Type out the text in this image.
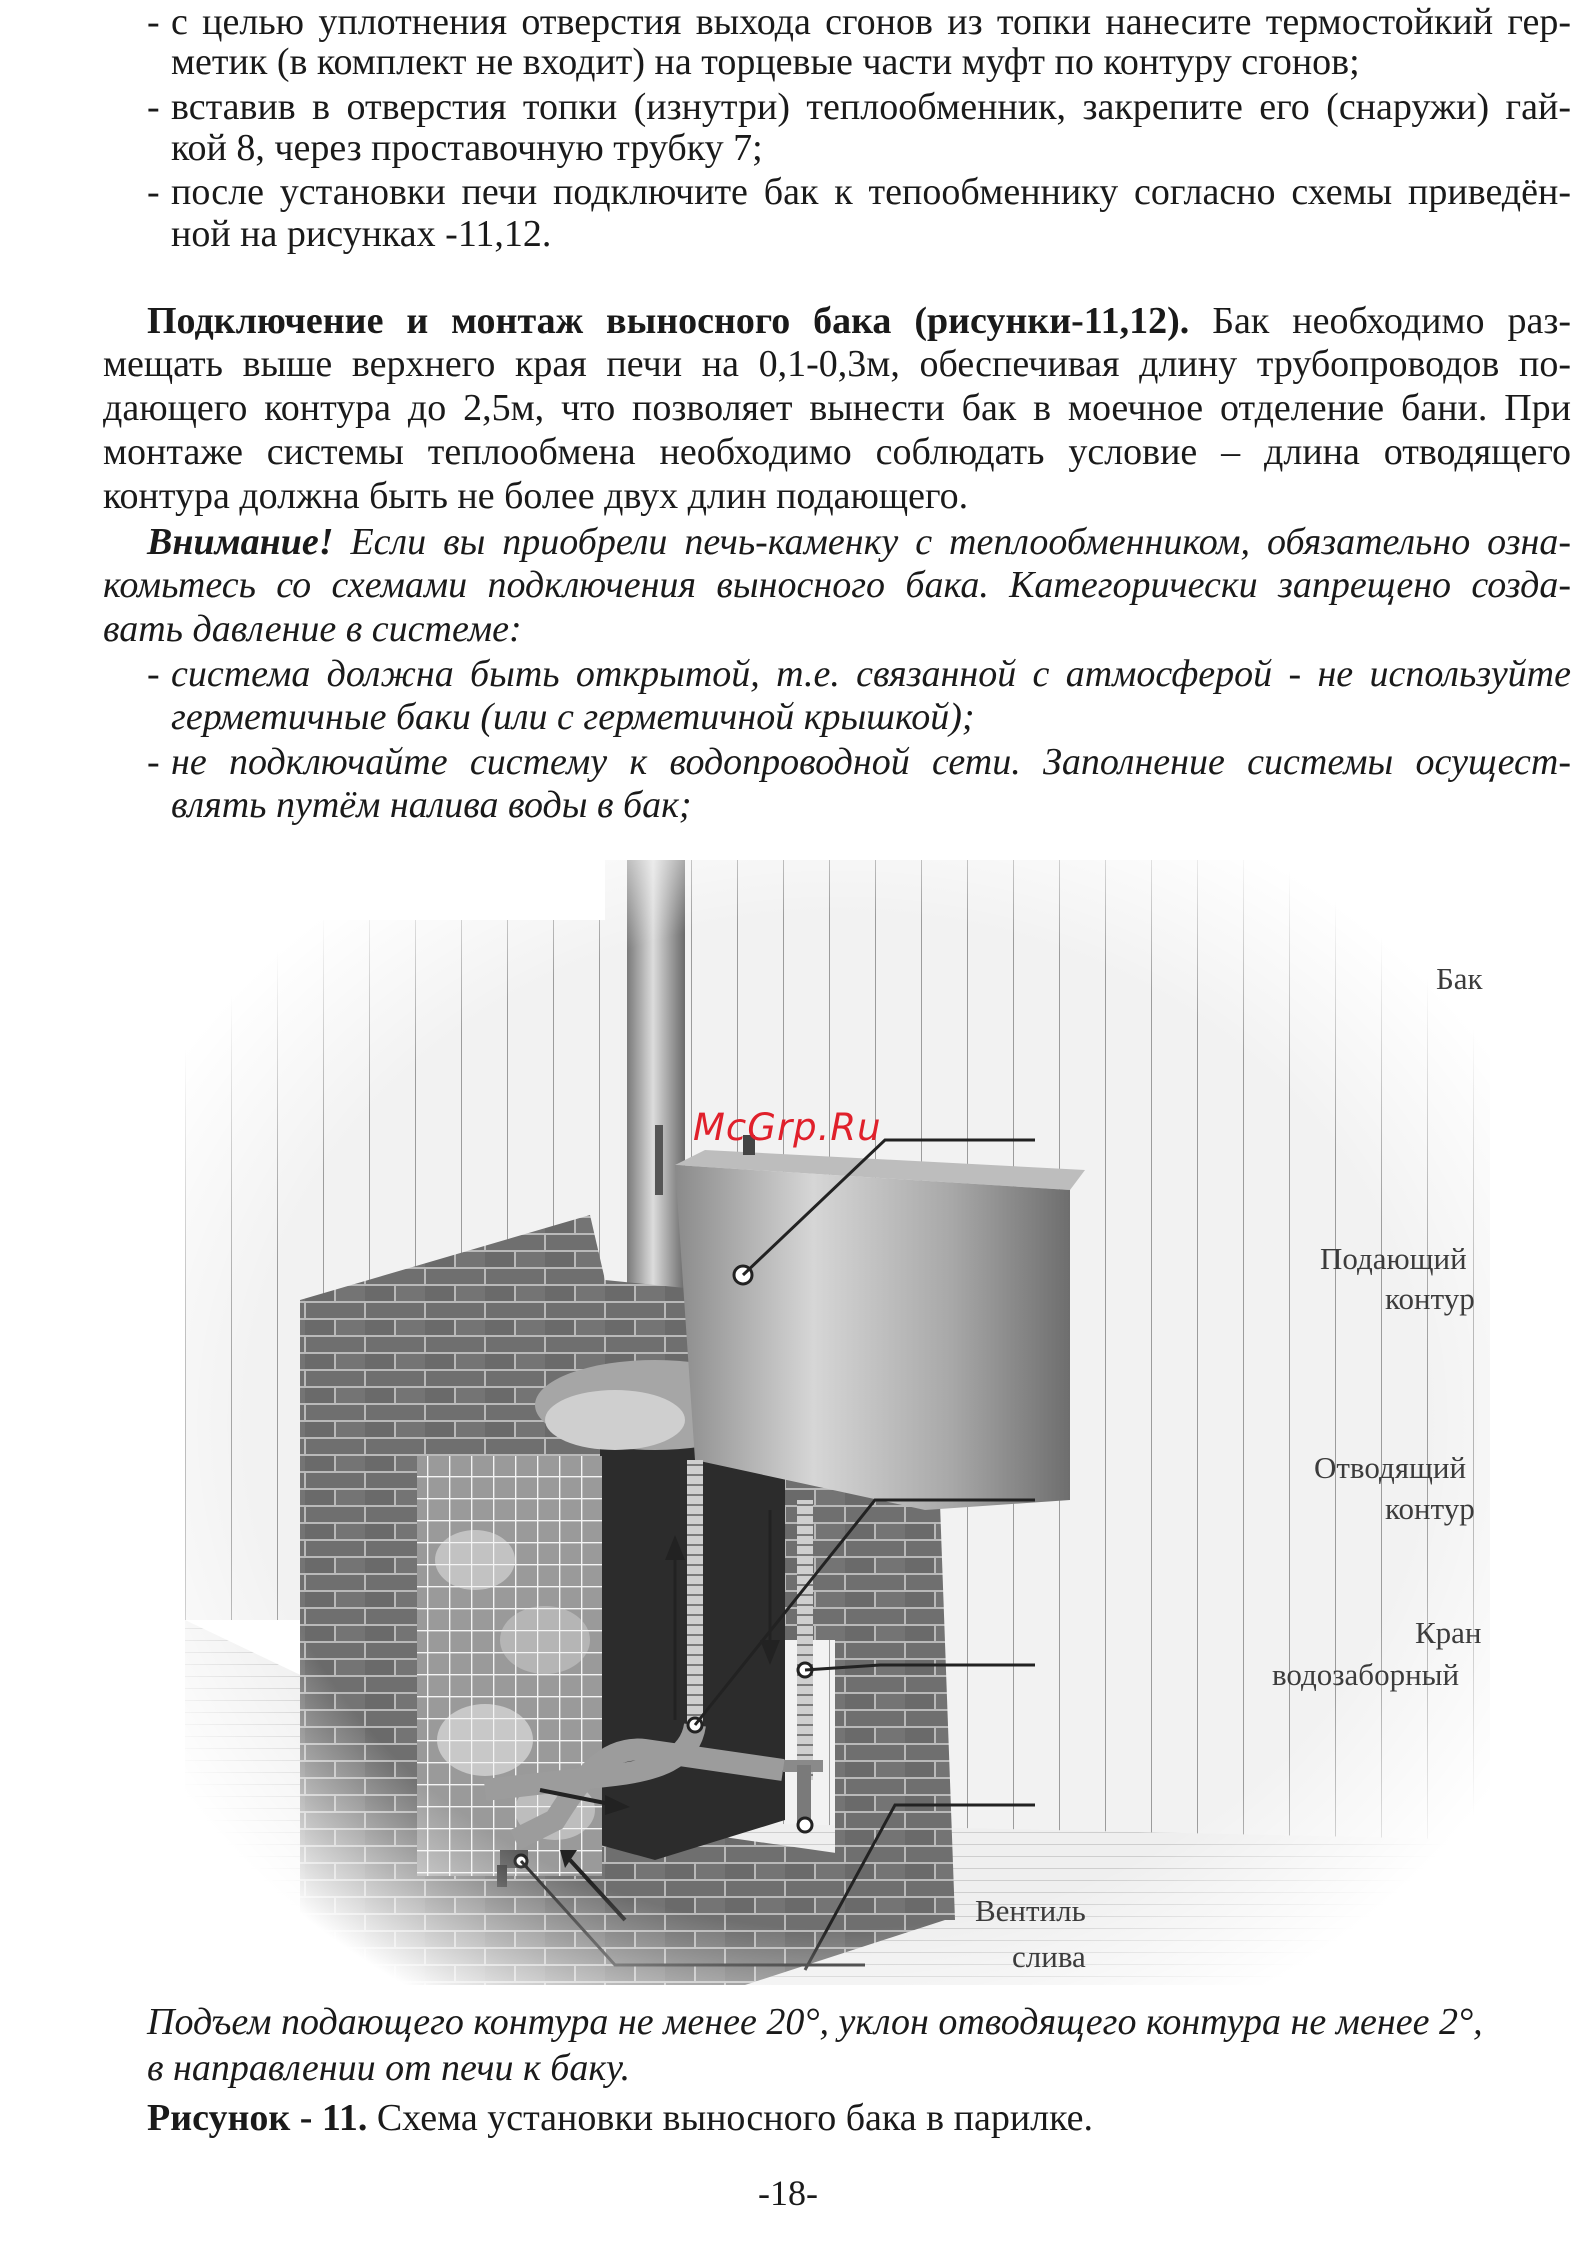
- с целью уплотнения отверстия выхода сгонов из топки нанесите термостойкий гер-
метик (в комплект не входит) на торцевые части муфт по контуру сгонов;
- вставив в отверстия топки (изнутри) теплообменник, закрепите его (снаружи) гай-
кой 8, через проставочную трубку 7;
- после установки печи подключите бак к тепообменнику согласно схемы приведён-
ной на рисунках -11,12.
Подключение и монтаж выносного бака (рисунки-11,12). Бак необходимо раз-
мещать выше верхнего края печи на 0,1-0,3м, обеспечивая длину трубопроводов по-
дающего контура до 2,5м, что позволяет вынести бак в моечное отделение бани. При
монтаже системы теплообмена необходимо соблюдать условие – длина отводящего
контура должна быть не более двух длин подающего.
Внимание! Если вы приобрели печь-каменку с теплообменником, обязательно озна-
комьтесь со схемами подключения выносного бака. Категорически запрещено созда-
вать давление в системе:
- система должна быть открытой, т.е. связанной с атмосферой - не используйте
герметичные баки (или с герметичной крышкой);
- не подключайте систему к водопроводной сети. Заполнение системы осущест-
влять путём налива воды в бак;
Бак
Подающий
контур
Отводящий
контур
Кран
водозаборный
Вентиль
слива
McGrp.Ru
Подъем подающего контура не менее 20°, уклон отводящего контура не менее 2°,
в направлении от печи к баку.
Рисунок - 11. Схема установки выносного бака в парилке.
-18-
